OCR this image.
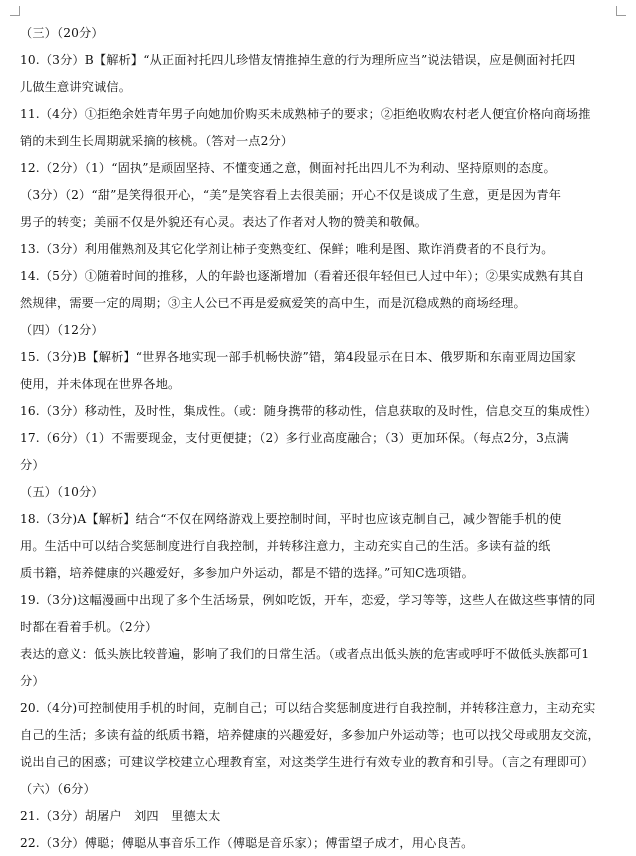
（三）（20分）
10.（3分）B【解析】“从正面衬托四儿珍惜友情推掉生意的行为理所应当”说法错误，应是侧面衬托四
儿做生意讲究诚信。
11.（4分）①拒绝余姓青年男子向她加价购买未成熟柿子的要求；②拒绝收购农村老人便宜价格向商场推
销的未到生长周期就采摘的核桃。（答对一点2分）
12.（2分）（1）“固执”是顽固坚持、不懂变通之意，侧面衬托出四儿不为利动、坚持原则的态度。
（3分）（2）“甜”是笑得很开心，“美”是笑容看上去很美丽；开心不仅是谈成了生意，更是因为青年
男子的转变；美丽不仅是外貌还有心灵。表达了作者对人物的赞美和敬佩。
13.（3分）利用催熟剂及其它化学剂让柿子变熟变红、保鲜；唯利是图、欺诈消费者的不良行为。
14.（5分）①随着时间的推移，人的年龄也逐渐增加（看着还很年轻但已人过中年）；②果实成熟有其自
然规律，需要一定的周期；③主人公已不再是爱疯爱笑的高中生，而是沉稳成熟的商场经理。
（四）（12分）
15.（3分)B【解析】“世界各地实现一部手机畅快游”错，第4段显示在日本、俄罗斯和东南亚周边国家
使用，并未体现在世界各地。
16.（3分）移动性，及时性，集成性。（或：随身携带的移动性，信息获取的及时性，信息交互的集成性）
17.（6分）（1）不需要现金，支付更便捷；（2）多行业高度融合；（3）更加环保。（每点2分，3点满
分）
（五）（10分）
18.（3分)A【解析】结合“不仅在网络游戏上要控制时间，平时也应该克制自己，减少智能手机的使
用。生活中可以结合奖惩制度进行自我控制，并转移注意力，主动充实自己的生活。多读有益的纸
质书籍，培养健康的兴趣爱好，多参加户外运动，都是不错的选择。”可知C选项错。
19.（3分)这幅漫画中出现了多个生活场景，例如吃饭，开车，恋爱，学习等等，这些人在做这些事情的同
时都在看着手机。（2分）
表达的意义：低头族比较普遍，影响了我们的日常生活。（或者点出低头族的危害或呼吁不做低头族都可1
分）
20.（4分)可控制使用手机的时间，克制自己；可以结合奖惩制度进行自我控制，并转移注意力，主动充实
自己的生活；多读有益的纸质书籍，培养健康的兴趣爱好，多参加户外运动等；也可以找父母或朋友交流，
说出自己的困惑；可建议学校建立心理教育室，对这类学生进行有效专业的教育和引导。（言之有理即可）
（六）（6分）
21.（3分）胡屠户　刘四　里德太太
22.（3分）傅聪；傅聪从事音乐工作（傅聪是音乐家）；傅雷望子成才，用心良苦。
